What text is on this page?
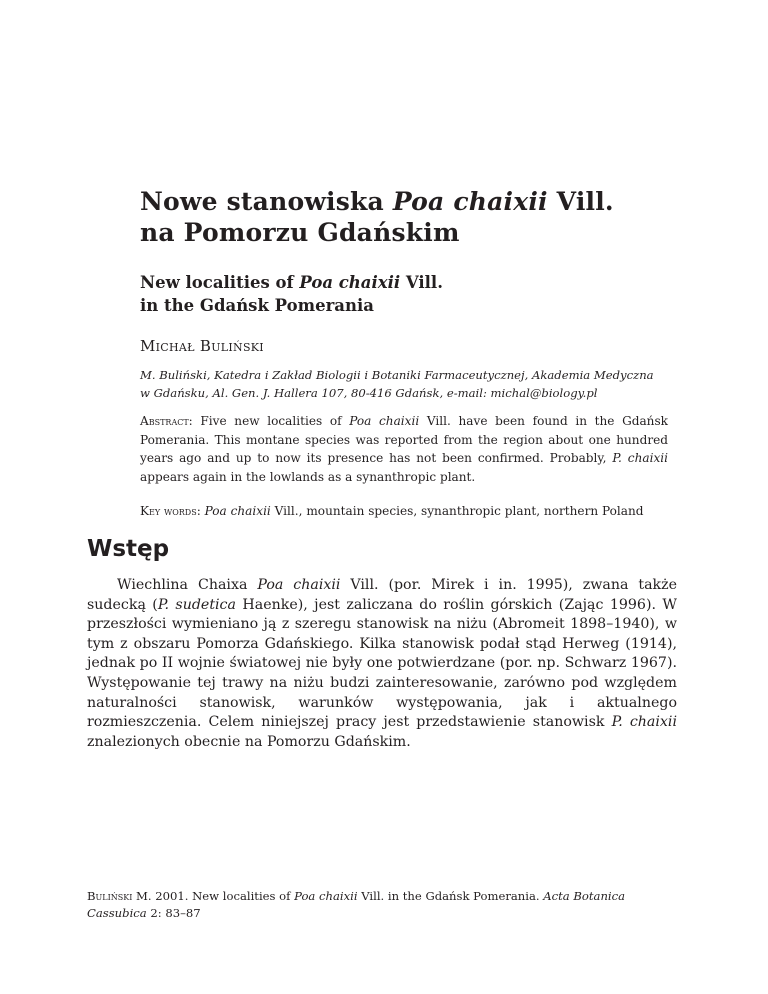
Nowe stanowiska Poa chaixii Vill.
na Pomorzu Gdańskim
New localities of Poa chaixii Vill.
in the Gdańsk Pomerania

Michał Buliński

M. Buliński, Katedra i Zakład Biologii i Botaniki Farmaceutycznej, Akademia Medyczna
w Gdańsku, Al. Gen. J. Hallera 107, 80-416 Gdańsk, e-mail: michal@biology.pl

Abstract: Five new localities of Poa chaixii Vill. have been found in the Gdańsk Pomerania. This montane species was reported from the region about one hundred years ago and up to now its presence has not been confirmed. Probably, P. chaixii appears again in the lowlands as a synanthropic plant.

Key words: Poa chaixii Vill., mountain species, synanthropic plant, northern Poland

Wstęp

Wiechlina Chaixa Poa chaixii Vill. (por. Mirek i in. 1995), zwana także sudecką (P. sudetica Haenke), jest zaliczana do roślin górskich (Zając 1996). W przeszłości wymieniano ją z szeregu stanowisk na niżu (Abromeit 1898–1940), w tym z obszaru Pomorza Gdańskiego. Kilka stanowisk podał stąd Herweg (1914), jednak po II wojnie światowej nie były one potwierdzane (por. np. Schwarz 1967). Występowanie tej trawy na niżu budzi zainteresowanie, zarówno pod względem naturalności stanowisk, warunków występowania, jak i aktualnego rozmieszczenia. Celem niniejszej pracy jest przedstawienie stanowisk P. chaixii znalezionych obecnie na Pomorzu Gdańskim.

Buliński M. 2001. New localities of Poa chaixii Vill. in the Gdańsk Pomerania. Acta Botanica Cassubica 2: 83–87
